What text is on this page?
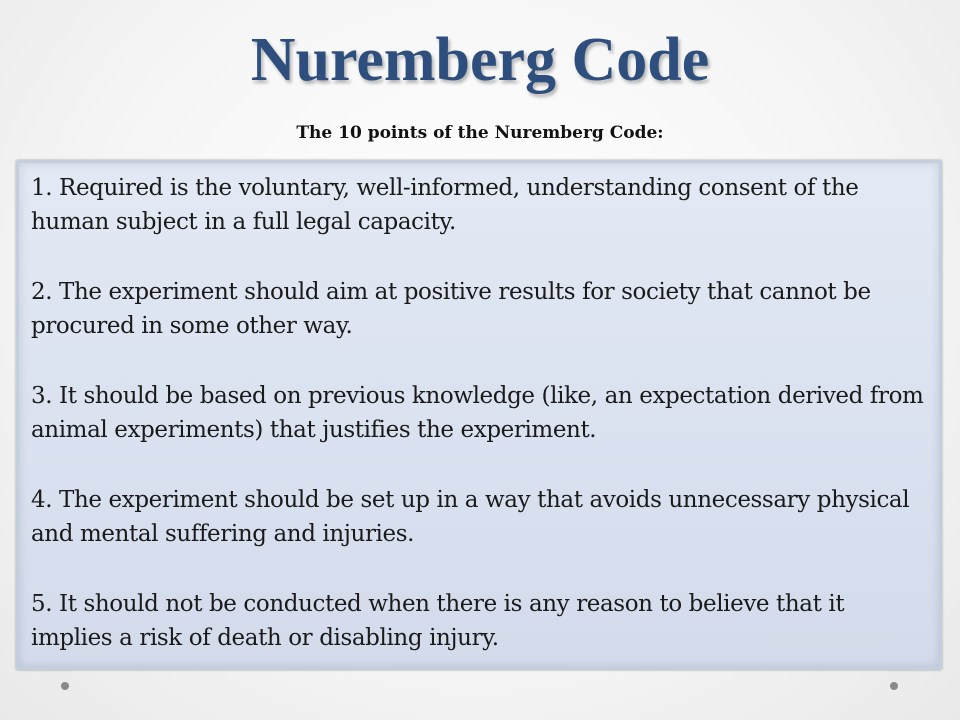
Nuremberg Code
The 10 points of the Nuremberg Code:

1. Required is the voluntary, well-informed, understanding consent of the human subject in a full legal capacity.

2. The experiment should aim at positive results for society that cannot be procured in some other way.

3. It should be based on previous knowledge (like, an expectation derived from animal experiments) that justifies the experiment.

4. The experiment should be set up in a way that avoids unnecessary physical and mental suffering and injuries.

5. It should not be conducted when there is any reason to believe that it implies a risk of death or disabling injury.
